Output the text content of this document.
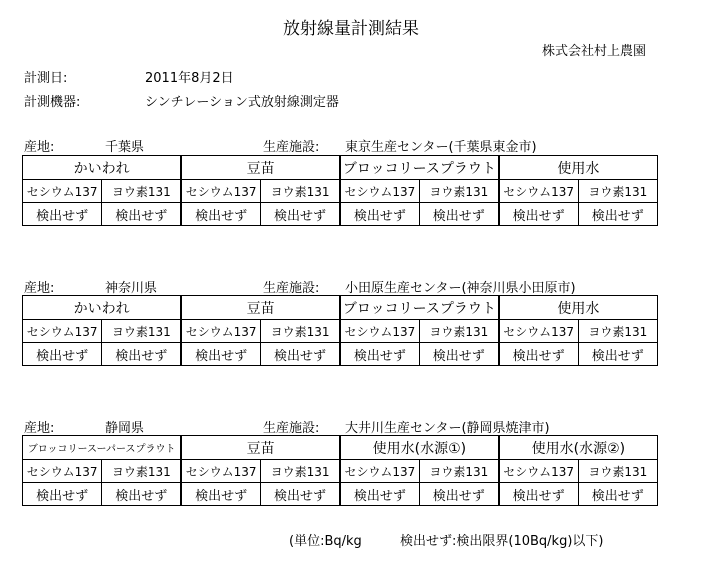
放射線量計測結果
株式会社村上農園
計測日:	2011年8月2日
計測機器:	シンチレーション式放射線測定器
産地:	千葉県	生産施設: 東京生産センター(千葉県東金市)
かいわれ		豆苗		ブロッコリースプラウト		使用水	
セシウム137	ヨウ素131	セシウム137	ヨウ素131	セシウム137	ヨウ素131	セシウム137	ヨウ素131
検出せず	検出せず	検出せず	検出せず	検出せず	検出せず	検出せず	検出せず
産地:	神奈川県	生産施設: 小田原生産センター(神奈川県小田原市)
かいわれ		豆苗		ブロッコリースプラウト		使用水	
セシウム137	ヨウ素131	セシウム137	ヨウ素131	セシウム137	ヨウ素131	セシウム137	ヨウ素131
検出せず	検出せず	検出せず	検出せず	検出せず	検出せず	検出せず	検出せず
産地:	静岡県	生産施設: 大井川生産センター(静岡県焼津市)
ブロッコリースーパースプラウト		豆苗		使用水(水源①)		使用水(水源②)	
セシウム137	ヨウ素131	セシウム137	ヨウ素131	セシウム137	ヨウ素131	セシウム137	ヨウ素131
検出せず	検出せず	検出せず	検出せず	検出せず	検出せず	検出せず	検出せず
(単位:Bq/kg	検出せず:検出限界(10Bq/kg)以下)
